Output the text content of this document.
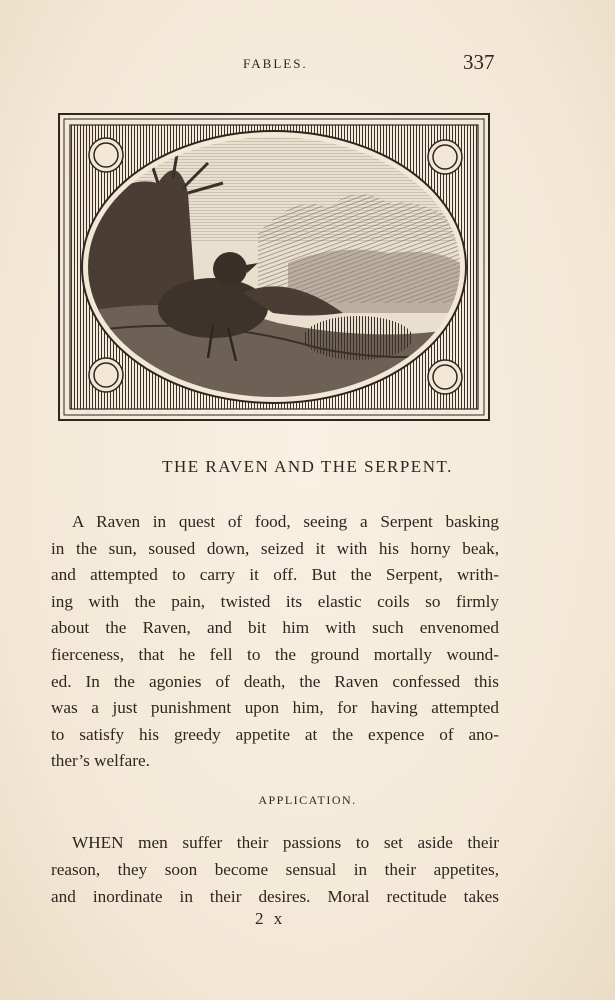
FABLES.	337
THE RAVEN AND THE SERPENT.
A Raven in quest of food, seeing a Serpent basking
in the sun, soused down, seized it with his horny beak,
and attempted to carry it off. But the Serpent, writh-
ing with the pain, twisted its elastic coils so firmly
about the Raven, and bit him with such envenomed
fierceness, that he fell to the ground mortally wound-
ed. In the agonies of death, the Raven confessed this
was a just punishment upon him, for having attempted
to satisfy his greedy appetite at the expence of ano-
ther’s welfare.
APPLICATION.
WHEN men suffer their passions to set aside their
reason, they soon become sensual in their appetites,
and inordinate in their desires. Moral rectitude takes
2 x
